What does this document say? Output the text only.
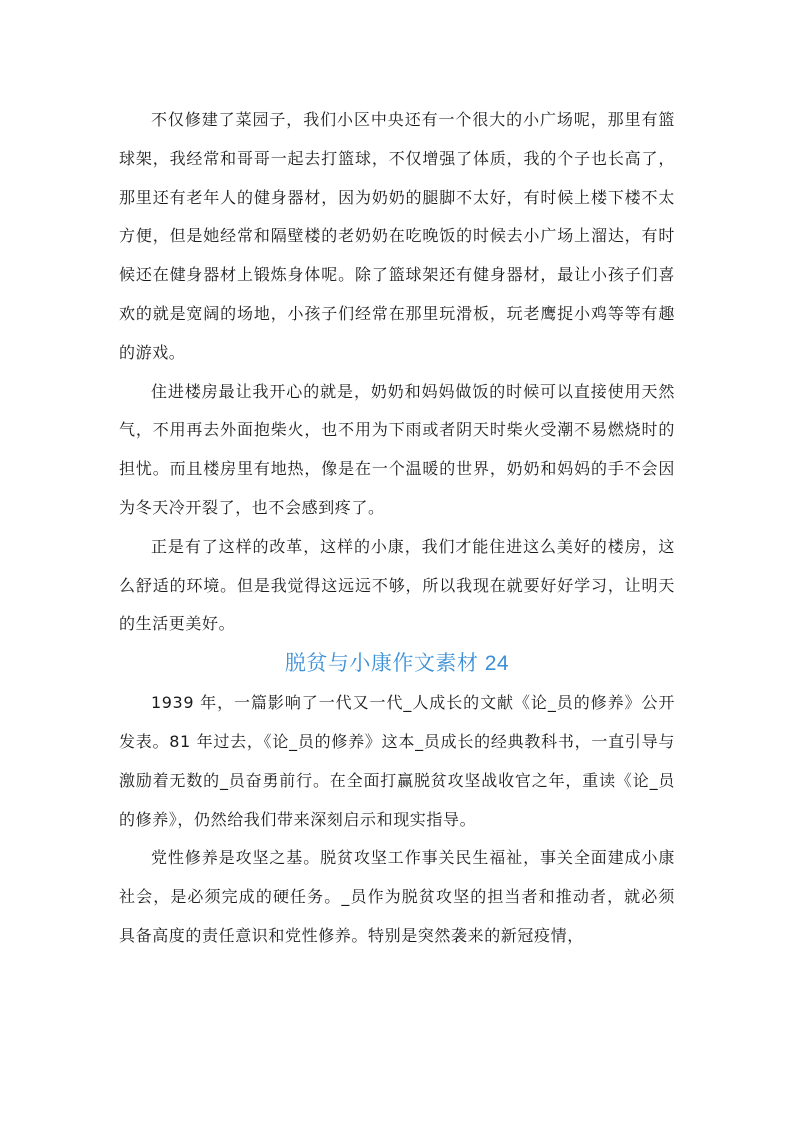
不仅修建了菜园子，我们小区中央还有一个很大的小广场呢，那里有篮球架，我经常和哥哥一起去打篮球，不仅增强了体质，我的个子也长高了，那里还有老年人的健身器材，因为奶奶的腿脚不太好，有时候上楼下楼不太方便，但是她经常和隔壁楼的老奶奶在吃晚饭的时候去小广场上溜达，有时候还在健身器材上锻炼身体呢。除了篮球架还有健身器材，最让小孩子们喜欢的就是宽阔的场地，小孩子们经常在那里玩滑板，玩老鹰捉小鸡等等有趣的游戏。

住进楼房最让我开心的就是，奶奶和妈妈做饭的时候可以直接使用天然气，不用再去外面抱柴火，也不用为下雨或者阴天时柴火受潮不易燃烧时的担忧。而且楼房里有地热，像是在一个温暖的世界，奶奶和妈妈的手不会因为冬天冷开裂了，也不会感到疼了。

正是有了这样的改革，这样的小康，我们才能住进这么美好的楼房，这么舒适的环境。但是我觉得这远远不够，所以我现在就要好好学习，让明天的生活更美好。

脱贫与小康作文素材 24

1939 年，一篇影响了一代又一代_人成长的文献《论_员的修养》公开发表。81 年过去，《论_员的修养》这本_员成长的经典教科书，一直引导与激励着无数的_员奋勇前行。在全面打赢脱贫攻坚战收官之年，重读《论_员的修养》，仍然给我们带来深刻启示和现实指导。

党性修养是攻坚之基。脱贫攻坚工作事关民生福祉，事关全面建成小康社会，是必须完成的硬任务。_员作为脱贫攻坚的担当者和推动者，就必须具备高度的责任意识和党性修养。特别是突然袭来的新冠疫情，
